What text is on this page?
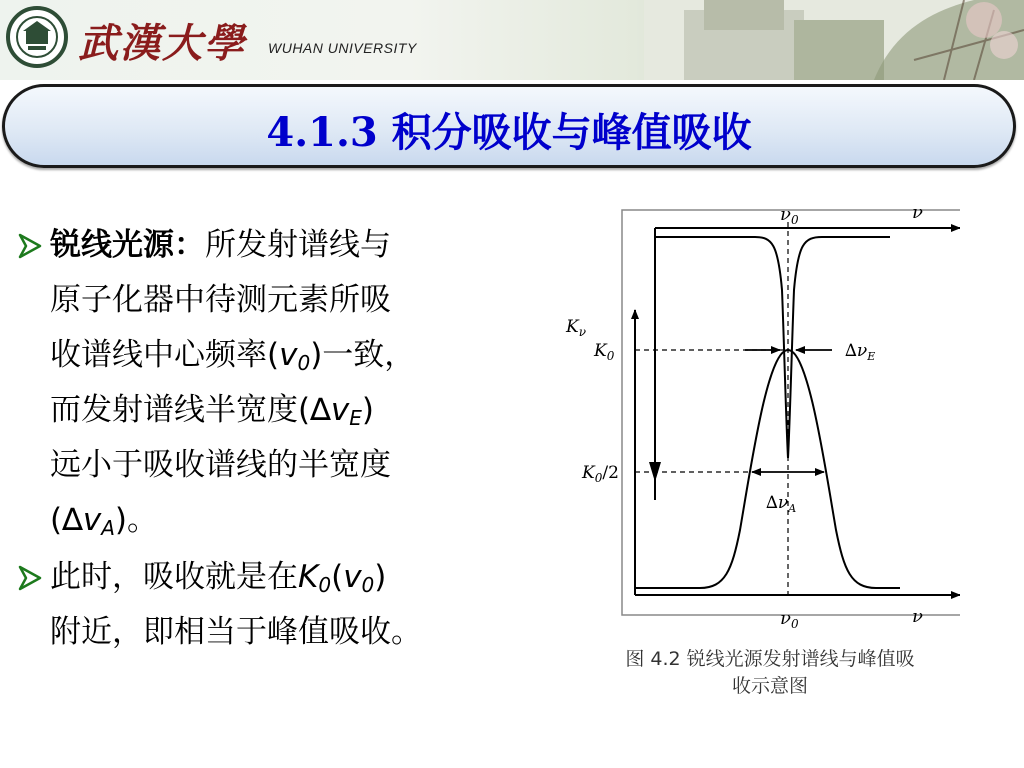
武漢大學 WUHAN UNIVERSITY
4.1.3 积分吸收与峰值吸收
锐线光源：所发射谱线与
原子化器中待测元素所吸
收谱线中心频率$(v_0)$一致，
而发射谱线半宽度$(\Delta v_E)$
远小于吸收谱线的半宽度
$(\Delta v_A)$。
此时，吸收就是在$K_0(v_0)$
附近，即相当于峰值吸收。
$\nu_0$	ν
$K_\nu$
$\nu_0$	ν
$K_0$	$\Delta\nu_E$
$K_0/2$
$\Delta\nu_A$
图 4.2 锐线光源发射谱线与峰值吸
收示意图
